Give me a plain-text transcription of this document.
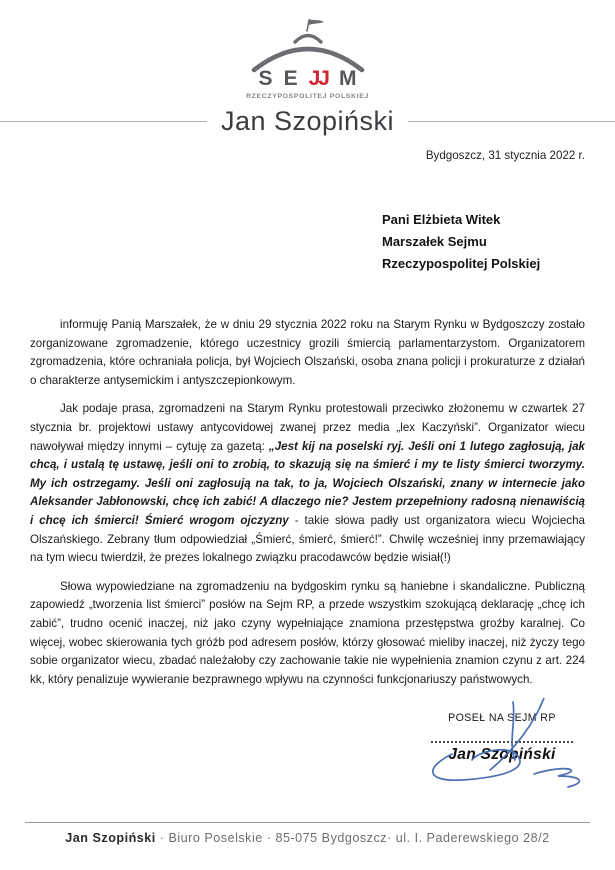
S E JJ M
RZECZYPOSPOLITEJ POLSKIEJ
Jan Szopiński
Bydgoszcz, 31 stycznia 2022 r.
Pani Elżbieta Witek
Marszałek Sejmu
Rzeczypospolitej Polskiej

informuję Panią Marszałek, że w dniu 29 stycznia 2022 roku na Starym Rynku w Bydgoszczy zostało zorganizowane zgromadzenie, którego uczestnicy grozili śmiercią parlamentarzystom. Organizatorem zgromadzenia, które ochraniała policja, był Wojciech Olszański, osoba znana policji i prokuraturze z działań o charakterze antysemickim i antyszczepionkowym.

Jak podaje prasa, zgromadzeni na Starym Rynku protestowali przeciwko złożonemu w czwartek 27 stycznia br. projektowi ustawy antycovidowej zwanej przez media „lex Kaczyński”. Organizator wiecu nawoływał między innymi – cytuję za gazetą: „Jest kij na poselski ryj. Jeśli oni 1 lutego zagłosują, jak chcą, i ustalą tę ustawę, jeśli oni to zrobią, to skazują się na śmierć i my te listy śmierci tworzymy. My ich ostrzegamy. Jeśli oni zagłosują na tak, to ja, Wojciech Olszański, znany w internecie jako Aleksander Jabłonowski, chcę ich zabić! A dlaczego nie? Jestem przepełniony radosną nienawiścią i chcę ich śmierci! Śmierć wrogom ojczyzny - takie słowa padły ust organizatora wiecu Wojciecha Olszańskiego. Zebrany tłum odpowiedział „Śmierć, śmierć, śmierć!”. Chwilę wcześniej inny przemawiający na tym wiecu twierdził, że prezes lokalnego związku pracodawców będzie wisiał(!)

Słowa wypowiedziane na zgromadzeniu na bydgoskim rynku są haniebne i skandaliczne. Publiczną zapowiedź „tworzenia list śmierci” posłów na Sejm RP, a przede wszystkim szokującą deklarację „chcę ich zabić”, trudno ocenić inaczej, niż jako czyny wypełniające znamiona przestępstwa groźby karalnej. Co więcej, wobec skierowania tych gróźb pod adresem posłów, którzy głosować mieliby inaczej, niż życzy tego sobie organizator wiecu, zbadać należałoby czy zachowanie takie nie wypełnienia znamion czynu z art. 224 kk, który penalizuje wywieranie bezprawnego wpływu na czynności funkcjonariuszy państwowych.

POSEŁ NA SEJM RP
Jan Szopiński
Jan Szopiński · Biuro Poselskie · 85-075 Bydgoszcz· ul. I. Paderewskiego 28/2
